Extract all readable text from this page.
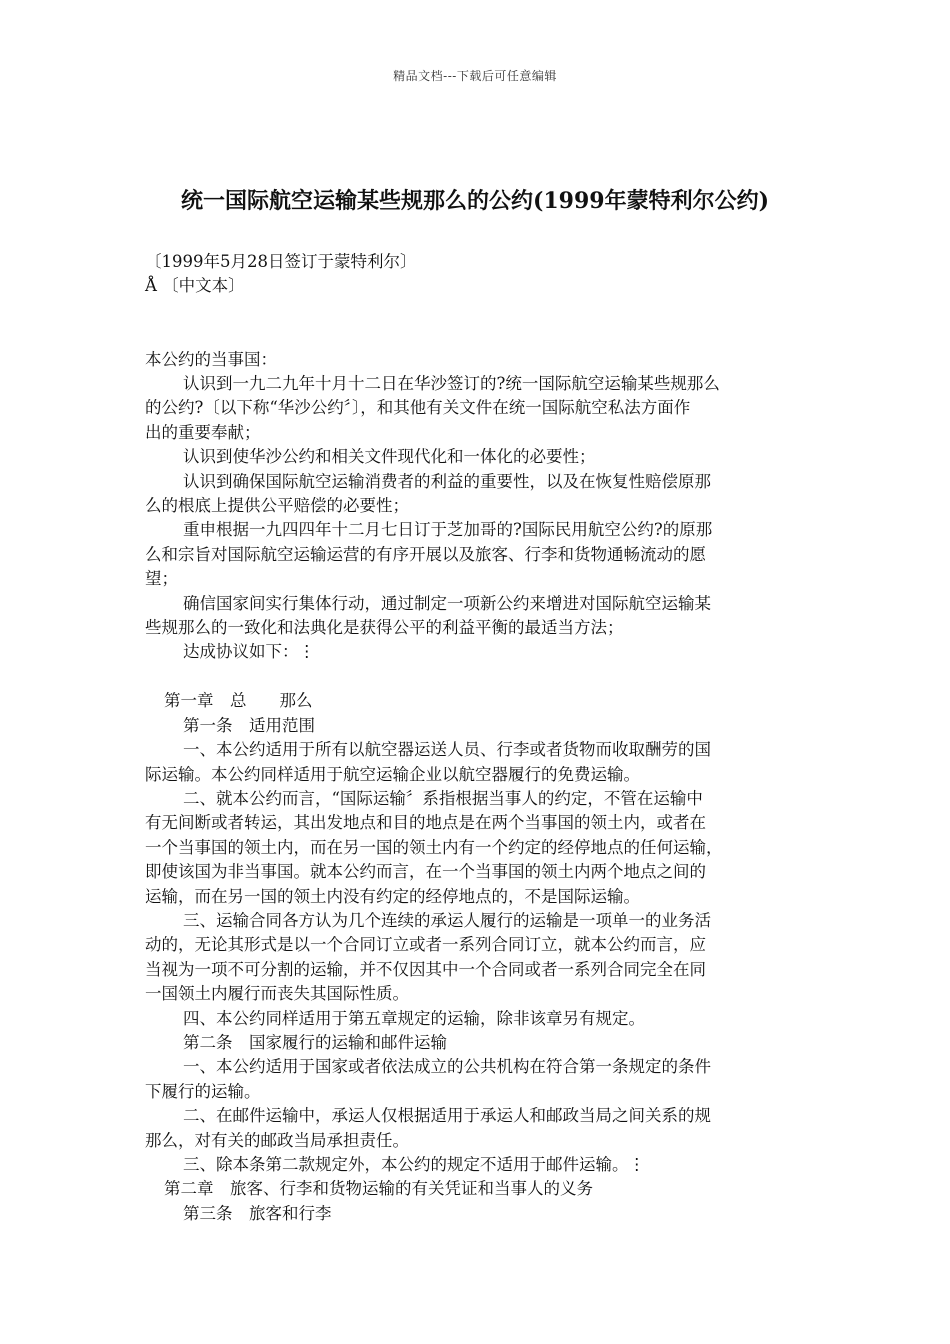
精品文档---下载后可任意编辑
统一国际航空运输某些规那么的公约(1999年蒙特利尔公约)
〔1999年5月28日签订于蒙特利尔〕
Å 〔中文本〕
本公约的当事国：
认识到一九二九年十月十二日在华沙签订的?统一国际航空运输某些规那么
的公约?〔以下称“华沙公约〞〕，和其他有关文件在统一国际航空私法方面作
出的重要奉献；
认识到使华沙公约和相关文件现代化和一体化的必要性；
认识到确保国际航空运输消费者的利益的重要性，以及在恢复性赔偿原那
么的根底上提供公平赔偿的必要性；
重申根据一九四四年十二月七日订于芝加哥的?国际民用航空公约?的原那
么和宗旨对国际航空运输运营的有序开展以及旅客、行李和货物通畅流动的愿
望；
确信国家间实行集体行动，通过制定一项新公约来增进对国际航空运输某
些规那么的一致化和法典化是获得公平的利益平衡的最适当方法；
达成协议如下：⋮
第一章　总　　那么
第一条　适用范围
一、本公约适用于所有以航空器运送人员、行李或者货物而收取酬劳的国
际运输。本公约同样适用于航空运输企业以航空器履行的免费运输。
二、就本公约而言，“国际运输〞系指根据当事人的约定，不管在运输中
有无间断或者转运，其出发地点和目的地点是在两个当事国的领土内，或者在
一个当事国的领土内，而在另一国的领土内有一个约定的经停地点的任何运输，
即使该国为非当事国。就本公约而言，在一个当事国的领土内两个地点之间的
运输，而在另一国的领土内没有约定的经停地点的，不是国际运输。
三、运输合同各方认为几个连续的承运人履行的运输是一项单一的业务活
动的，无论其形式是以一个合同订立或者一系列合同订立，就本公约而言，应
当视为一项不可分割的运输，并不仅因其中一个合同或者一系列合同完全在同
一国领土内履行而丧失其国际性质。
四、本公约同样适用于第五章规定的运输，除非该章另有规定。
第二条　国家履行的运输和邮件运输
一、本公约适用于国家或者依法成立的公共机构在符合第一条规定的条件
下履行的运输。
二、在邮件运输中，承运人仅根据适用于承运人和邮政当局之间关系的规
那么，对有关的邮政当局承担责任。
三、除本条第二款规定外，本公约的规定不适用于邮件运输。⋮
第二章　旅客、行李和货物运输的有关凭证和当事人的义务
第三条　旅客和行李
